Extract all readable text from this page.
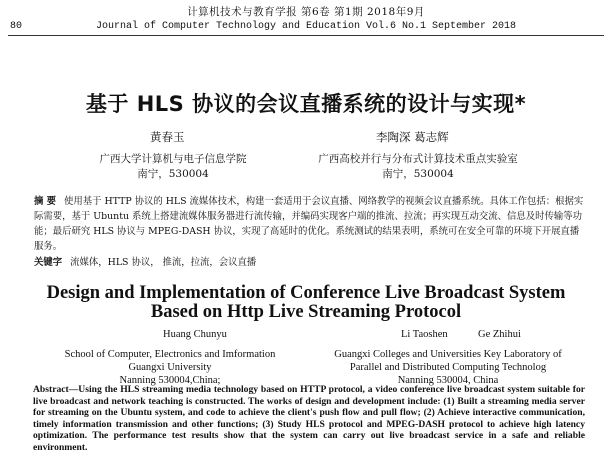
计算机技术与教育学报 第6卷 第1期 2018年9月
80	Journal of Computer Technology and Education Vol.6 No.1 September 2018
基于 HLS 协议的会议直播系统的设计与实现*
黄春玉	李陶深 葛志辉
广西大学计算机与电子信息学院
南宁，530004
广西高校并行与分布式计算技术重点实验室
南宁，530004
摘 要 使用基于 HTTP 协议的 HLS 流媒体技术，构建一套适用于会议直播、网络教学的视频会议直播系统。具体工作包括：根据实际需要，基于 Ubuntu 系统上搭建流媒体服务器进行流传输，并编码实现客户端的推流、拉流；再实现互动交流、信息及时传输等功能；最后研究 HLS 协议与 MPEG-DASH 协议，实现了高延时的优化。系统测试的结果表明，系统可在安全可靠的环境下开展直播服务。
关键字 流媒体，HLS 协议， 推流，拉流，会议直播
Design and Implementation of Conference Live Broadcast System
Based on Http Live Streaming Protocol
Huang Chunyu	Li Taoshen	Ge Zhihui
School of Computer, Electronics and Imformation
Guangxi University
Nanning 530004,China;
Guangxi Colleges and Universities Key Laboratory of
Parallel and Distributed Computing Technolog
Nanning 530004, China
Abstract—Using the HLS streaming media technology based on HTTP protocol, a video conference live broadcast system suitable for live broadcast and network teaching is constructed. The works of design and development include: (1) Built a streaming media server for streaming on the Ubuntu system, and code to achieve the client's push flow and pull flow; (2) Achieve interactive communication, timely information transmission and other functions; (3) Study HLS protocol and MPEG-DASH protocol to achieve high latency optimization. The performance test results show that the system can carry out live broadcast service in a safe and reliable environment.
